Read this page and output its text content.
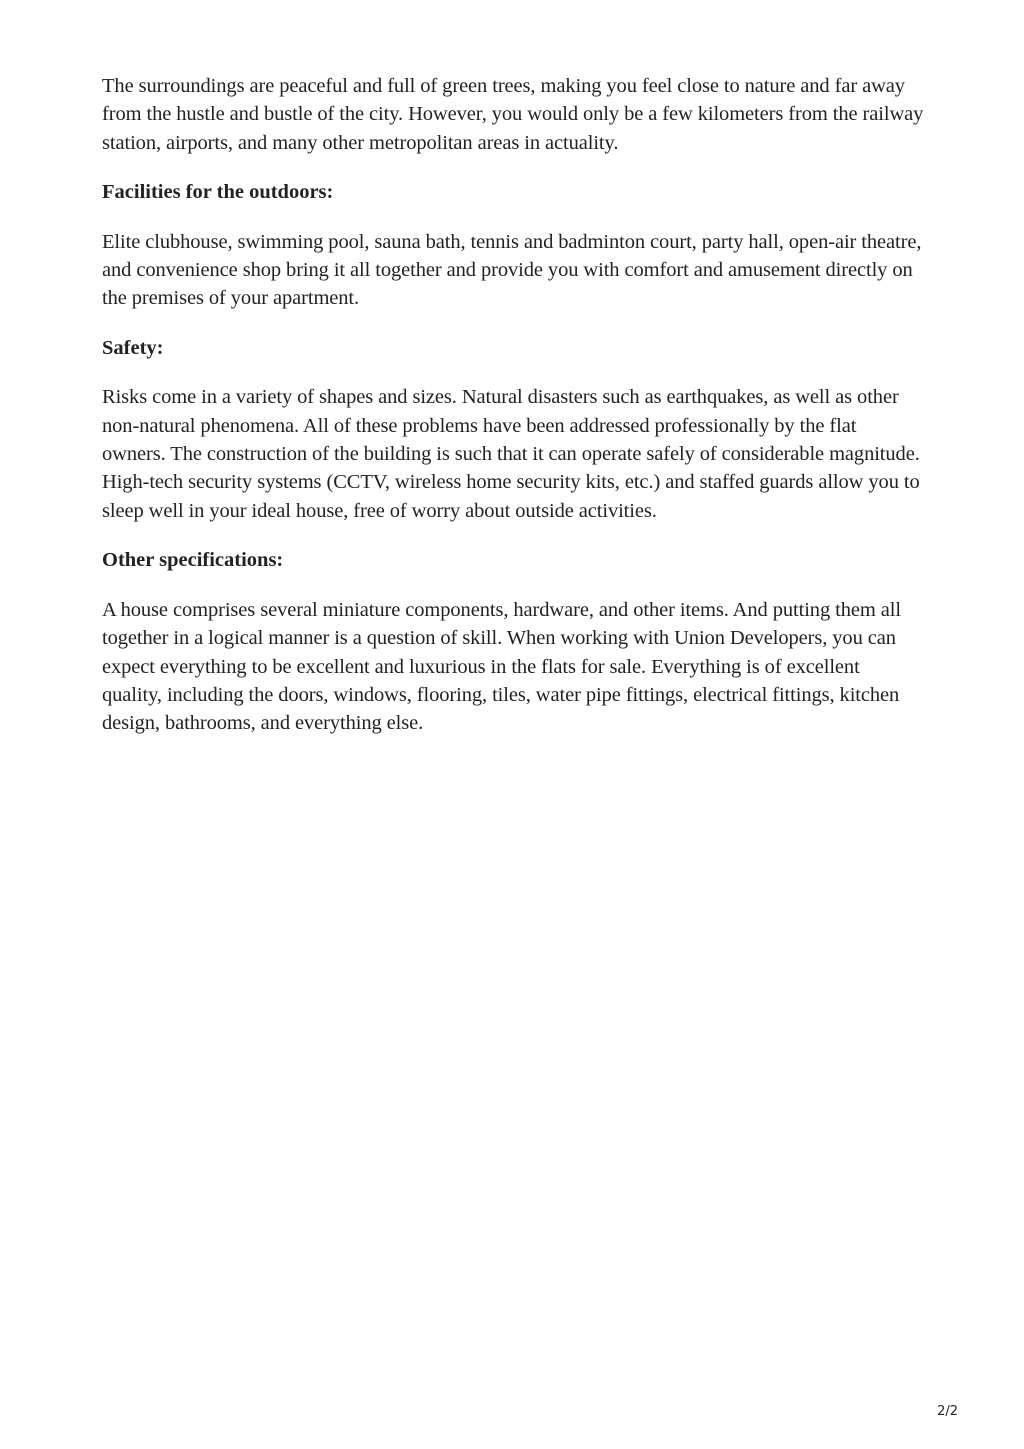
The surroundings are peaceful and full of green trees, making you feel close to nature and far away from the hustle and bustle of the city. However, you would only be a few kilometers from the railway station, airports, and many other metropolitan areas in actuality.

Facilities for the outdoors:

Elite clubhouse, swimming pool, sauna bath, tennis and badminton court, party hall, open-air theatre, and convenience shop bring it all together and provide you with comfort and amusement directly on the premises of your apartment.

Safety:

Risks come in a variety of shapes and sizes. Natural disasters such as earthquakes, as well as other non-natural phenomena. All of these problems have been addressed professionally by the flat owners. The construction of the building is such that it can operate safely of considerable magnitude. High-tech security systems (CCTV, wireless home security kits, etc.) and staffed guards allow you to sleep well in your ideal house, free of worry about outside activities.

Other specifications:

A house comprises several miniature components, hardware, and other items. And putting them all together in a logical manner is a question of skill. When working with Union Developers, you can expect everything to be excellent and luxurious in the flats for sale. Everything is of excellent quality, including the doors, windows, flooring, tiles, water pipe fittings, electrical fittings, kitchen design, bathrooms, and everything else.

2/2
